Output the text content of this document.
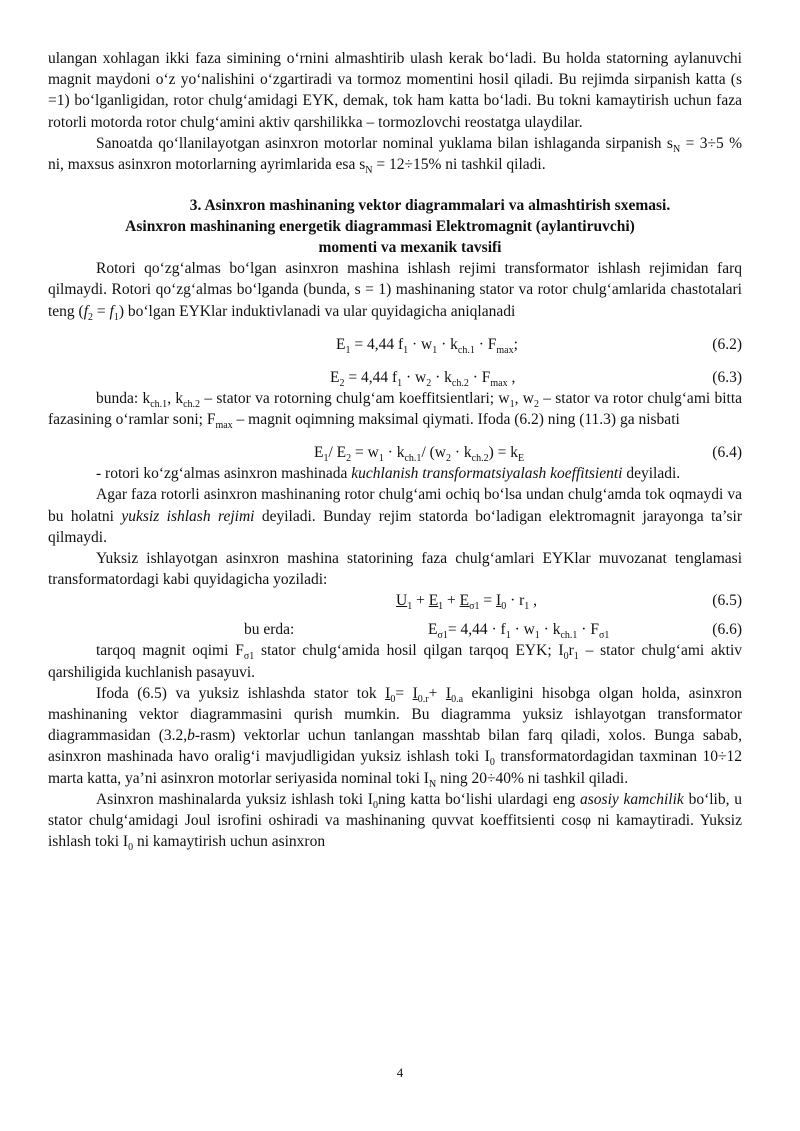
ulangan xohlagan ikki faza simining o‘rnini almashtirib ulash kerak bo‘ladi. Bu holda statorning aylanuvchi magnit maydoni o‘z yo‘nalishini o‘zgartiradi va tormoz momentini hosil qiladi. Bu rejimda sirpanish katta (s =1) bo‘lganligidan, rotor chulg‘amidagi EYK, demak, tok ham katta bo‘ladi. Bu tokni kamaytirish uchun faza rotorli motorda rotor chulg‘amini aktiv qarshilikka – tormozlovchi reostatga ulaydilar.

Sanoatda qo‘llanilayotgan asinxron motorlar nominal yuklama bilan ishlaganda sirpanish $s_N = 3\div 5$ % ni, maxsus asinxron motorlarning ayrimlarida esa $s_N = 12\div 15\%$ ni tashkil qiladi.

3. Asinxron mashinaning vektor diagrammalari va almashtirish sxemasi.
Asinxron mashinaning energetik diagrammasi Elektromagnit (aylantiruvchi)
momenti va mexanik tavsifi

Rotori qo‘zg‘almas bo‘lgan asinxron mashina ishlash rejimi transformator ishlash rejimidan farq qilmaydi. Rotori qo‘zg‘almas bo‘lganda (bunda, s = 1) mashinaning stator va rotor chulg‘amlarida chastotalari teng $(f_2 = f_1)$ bo‘lgan EYKlar induktivlanadi va ular quyidagicha aniqlanadi

$E_1 = 4,44$ $f_1 \cdot w_1 \cdot k_{ch.1} \cdot F_{max}$;	(6.2)
$E_2 = 4,44$ $f_1 \cdot w_2 \cdot k_{ch.2} \cdot F_{max}$ ,	(6.3)

bunda: $k_{ch.1}$, $k_{ch.2}$ – stator va rotorning chulg‘am koeffitsientlari; $w_1$, $w_2$ – stator va rotor chulg‘ami bitta fazasining o‘ramlar soni; $F_{max}$ – magnit oqimning maksimal qiymati. Ifoda (6.2) ning (11.3) ga nisbati

$E_1/$ $E_2 = w_1 \cdot k_{ch.1}/$ $(w_2 \cdot k_{ch.2}) = k_E$	(6.4)

- rotori ko‘zg‘almas asinxron mashinada kuchlanish transformatsiyalash koeffitsienti deyiladi.

Agar faza rotorli asinxron mashinaning rotor chulg‘ami ochiq bo‘lsa undan chulg‘amda tok oqmaydi va bu holatni yuksiz ishlash rejimi deyiladi. Bunday rejim statorda bo‘ladigan elektromagnit jarayonga ta’sir qilmaydi.

Yuksiz ishlayotgan asinxron mashina statorining faza chulg‘amlari EYKlar muvozanat tenglamasi transformatordagi kabi quyidagicha yoziladi:

$U_1 + E_1 + E_{\sigma 1} = I_0 \cdot r_1$ ,	(6.5)
bu erda:	$E_{\sigma 1}= 4,44 \cdot f_1 \cdot w_1 \cdot k_{ch.1} \cdot F_{\sigma 1}$	(6.6)

tarqoq magnit oqimi $F_{\sigma 1}$ stator chulg‘amida hosil qilgan tarqoq EYK; $I_0r_1$ – stator chulg‘ami aktiv qarshiligida kuchlanish pasayuvi.

Ifoda (6.5) va yuksiz ishlashda stator tok $I_0= I_{0.r}+ I_{0.a}$ ekanligini hisobga olgan holda, asinxron mashinaning vektor diagrammasini qurish mumkin. Bu diagramma yuksiz ishlayotgan transformator diagrammasidan (3.2,b-rasm) vektorlar uchun tanlangan masshtab bilan farq qiladi, xolos. Bunga sabab, asinxron mashinada havo oralig‘i mavjudligidan yuksiz ishlash toki $I_0$ transformatordagidan taxminan 10÷12 marta katta, ya’ni asinxron motorlar seriyasida nominal toki $I_N$ ning 20÷40% ni tashkil qiladi.

Asinxron mashinalarda yuksiz ishlash toki $I_0ning$ katta bo‘lishi ulardagi eng asosiy kamchilik bo‘lib, u stator chulg‘amidagi Joul isrofini oshiradi va mashinaning quvvat koeffitsienti cosφ ni kamaytiradi. Yuksiz ishlash toki $I_0$ ni kamaytirish uchun asinxron

4
